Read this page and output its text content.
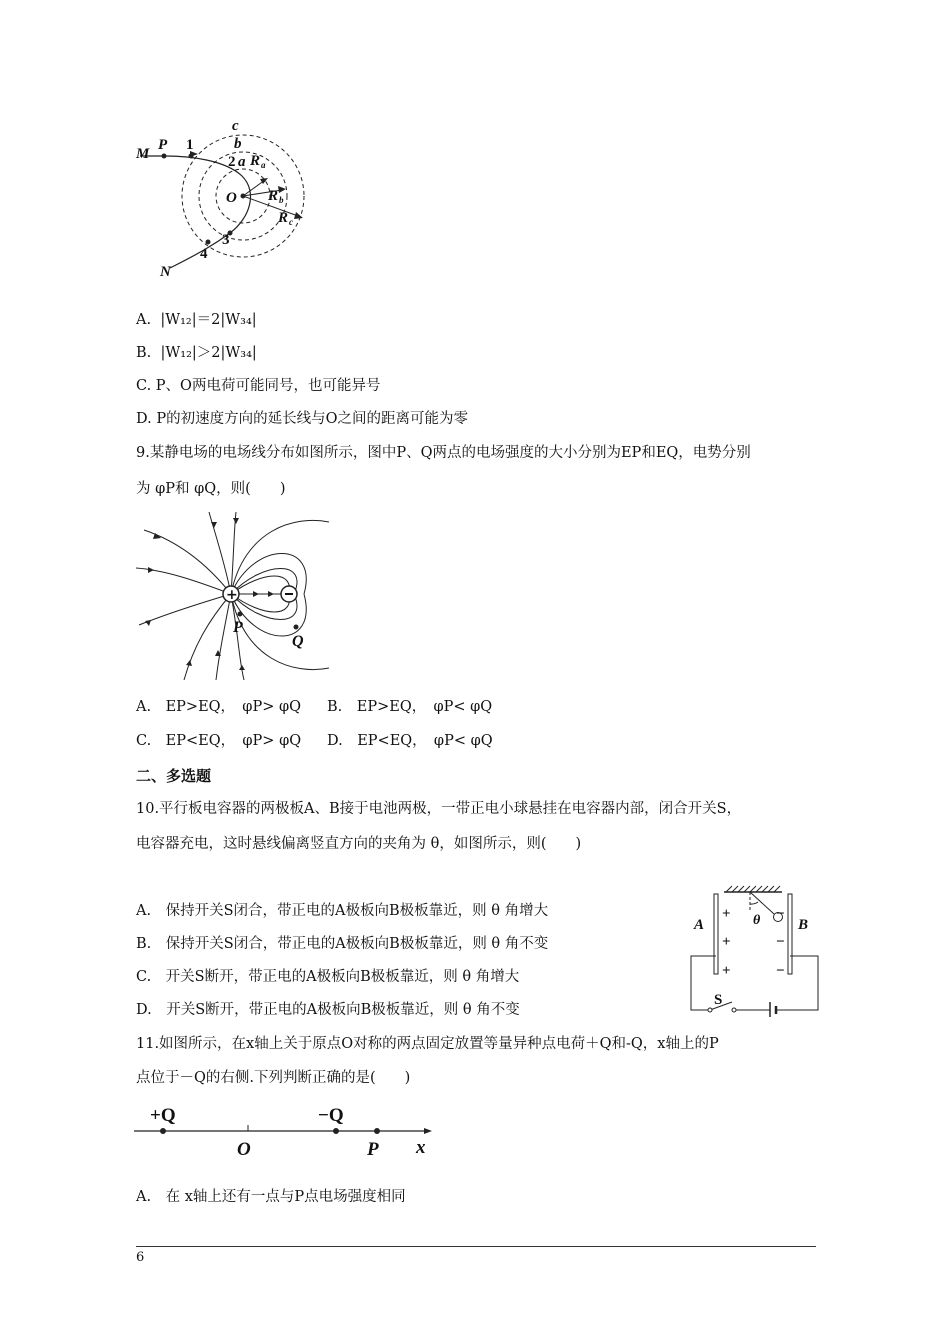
M
P 1
c
b
2 a R a
O R b
R c
3
4
N
A. |W₁₂|＝2|W₃₄|
B. |W₁₂|＞2|W₃₄|
C. P、O两电荷可能同号，也可能异号
D. P的初速度方向的延长线与O之间的距离可能为零
9.某静电场的电场线分布如图所示，图中P、Q两点的电场强度的大小分别为EP和EQ，电势分别
为 φP和 φQ，则(　　)
+
P
Q
A.　EP>EQ，　φP> φQ B.　EP>EQ，　φP< φQ
C.　EP<EQ，　φP> φQ D.　EP<EQ，　φP< φQ
二、多选题
10.平行板电容器的两极板A、B接于电池两极，一带正电小球悬挂在电容器内部，闭合开关S，
电容器充电，这时悬线偏离竖直方向的夹角为 θ，如图所示，则(　　)
A.　保持开关S闭合，带正电的A极板向B极板靠近，则 θ 角增大
B.　保持开关S闭合，带正电的A极板向B极板靠近，则 θ 角不变
C.　开关S断开，带正电的A极板向B极板靠近，则 θ 角增大
D.　开关S断开，带正电的A极板向B极板靠近，则 θ 角不变
+
+
+
−
−
−
A	B
θ
S
11.如图所示，在x轴上关于原点O对称的两点固定放置等量异种点电荷＋Q和-Q，x轴上的P
点位于－Q的右侧.下列判断正确的是(　　)
+Q
O
−Q
P x
A.　在 x轴上还有一点与P点电场强度相同
6
